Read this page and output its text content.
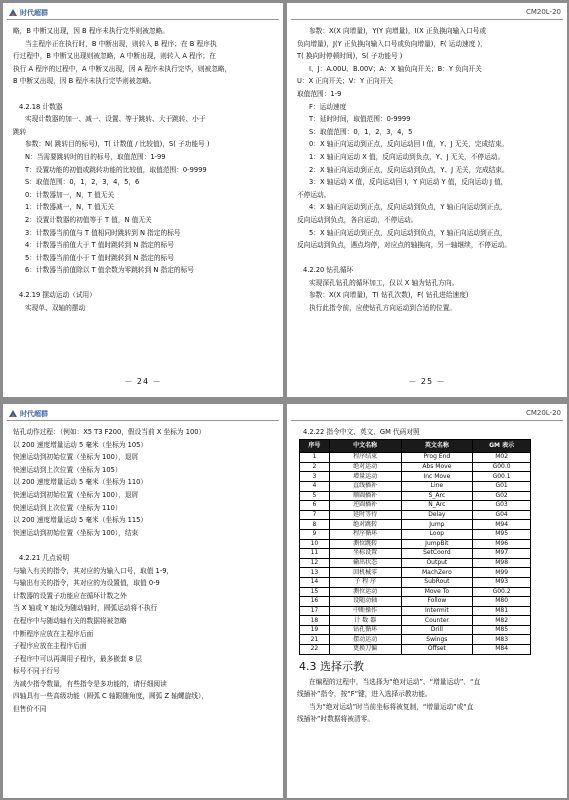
时代超群
略，B 中断又出现，因 B 程序未执行完毕则被忽略。
当主程序正在执行时，B 中断出现，则转入 B 程序；在 B 程序执
行过程中，B 中断又出现则被忽略，A 中断出现，则转入 A 程序；在
执行 A 程序的过程中，A 中断又出现，因 A 程序未执行完毕，则被忽略，
B 中断又出现，因 B 程序未执行完毕则被忽略。
4.2.18 计数器
实现计数器的加一、减一、设置、等于跳转、大于跳转、小于
跳转
参数：N( 跳转目的标号)，T( 计数值 / 比较值)，S( 子功能号 )
N：当需要跳转时的目的标号，取值范围：1-99
T：设置功能的初值或跳转功能的比较值，取值范围：0-9999
S：取值范围：0，1，2，3，4，5，6
0：计数器加一，N，T 值无关
1：计数器减一，N，T 值无关
2：设置计数器的初值等于 T 值，N 值无关
3：计数器当前值与 T 值相同时跳转到 N 指定的标号
4：计数器当前值大于 T 值时跳转到 N 指定的标号
5：计数器当前值小于 T 值时跳转到 N 指定的标号
6：计数器当前值除以 T 值余数为零跳转到 N 指定的标号
4.2.19 摆动运动（试用）
实现单、双轴的摆动
－ 24 －
CM20L-20
参数：X(X 向增量)，Y(Y 向增量)，I(X 正负换向输入口号或
负向增量)，J(Y 正负换向输入口号或负向增量)，F( 运动速度 )，
T( 换向时停顿时间)，S( 子功能号 )
I、J：A.00U、B.00V；A：X 轴负向开关；B：Y 负向开关
U：X 正向开关；V：Y 正向开关
取值范围：1-9
F：运动速度
T：延时时间，取值范围：0-9999
S：取值范围：0，1，2，3，4，5
0：X 轴正向运动到正点，反向运动回 I 值，Y、J 无关，完成结束。
1：X 轴正向运动 X 值，反向运动到负点，Y、J 无关，不停运动。
2：X 轴正向运动到正点，反向运动到负点，Y、J 无关，完成结束。
3：X 轴运动 X 值，反向运动回 I，Y 向运动 Y 值，反向运动 J 值，
不停运动。
4：X 轴正向运动到正点，反向运动到负点，Y 轴正向运动到正点，
反向运动到负点，各自运动，不停运动。
5：X 轴正向运动到正点，反向运动到负点，Y 轴正向运动到正点，
反向运动到负点，遇点均停，对应点的轴换向，另一轴继续，不停运动。
4.2.20 钻孔循环
实现深孔钻孔的循环加工，仅以 X 轴为钻孔方向。
参数：X(X 向增量)，T( 钻孔次数)，F( 钻孔进给速度)
执行此指令前，应使钻孔方向运动到合适的位置。
－ 25 －
时代超群
钻孔动作过程：（例如：X5 T3 F200，假设当前 X 坐标为 100）
以 200 速度增量运动 5 毫米（坐标为 105）
快速运动到初始位置（坐标为 100），退屑
快速运动到上次位置（坐标为 105）
以 200 速度增量运动 5 毫米（坐标为 110）
快速运动到初始位置（坐标为 100），退屑
快速运动到上次位置（坐标为 110）
以 200 速度增量运动 5 毫米（坐标为 115）
快速运动到初始位置（坐标为 100），结束
4.2.21 几点说明
与输入有关的指令，其对应的为输入口号，取值 1-9，
与输出有关的指令，其对应的为设置值，取值 0-9
计数器的设置子功能应在循环计数之外
当 X 轴或 Y 轴设为随动轴时，圆弧运动将不执行
在程序中与随动轴有关的数据将被忽略
中断程序应放在主程序后面
子程序应放在主程序后面
子程序中可以再调用子程序，最多嵌套 8 层
标号不同于行号
为减少指令数量，有些指令是多功能的，请仔细阅读
四轴具有一些高级功能（圆弧 C 轴跟随角度，圆弧 Z 轴螺旋线），
但售价不同
CM20L-20
4.2.22 指令中文、英文、GM 代码对照
序号	中文名称	英文名称	GM 表示
1	程序结束	Prog End	M02
2	绝对运动	Abs Move	G00.0
3	增量运动	Inc Move	G00.1
4	直线插补	Line	G01
5	顺圆插补	S_Arc	G02
6	逆圆插补	N_Arc	G03
7	延时等待	Delay	G04
8	绝对跳转	Jump	M94
9	程序循环	Loop	M95
10	测位跳转	JumpBit	M96
11	坐标设置	SetCoord	M97
12	输出状态	Output	M98
13	回机械零	MachZero	M99
14	子 程 序	SubRout	M93
15	测位运动	Move To	G00.2
16	设随动轴	Follow	M80
17	中断操作	Intermit	M81
18	计 数 器	Counter	M82
19	钻孔循环	Drill	M85
21	摆动运动	Swings	M83
22	更换刀偏	Offset	M84
4.3 选择示教
在编程的过程中，当选择为“绝对运动”、“增量运动”、“直
线插补”指令，按“F”键，进入选择示教功能。
当为“绝对运动”时当前坐标将被复制，“增量运动”或“直
线插补”时数据将被清零。
